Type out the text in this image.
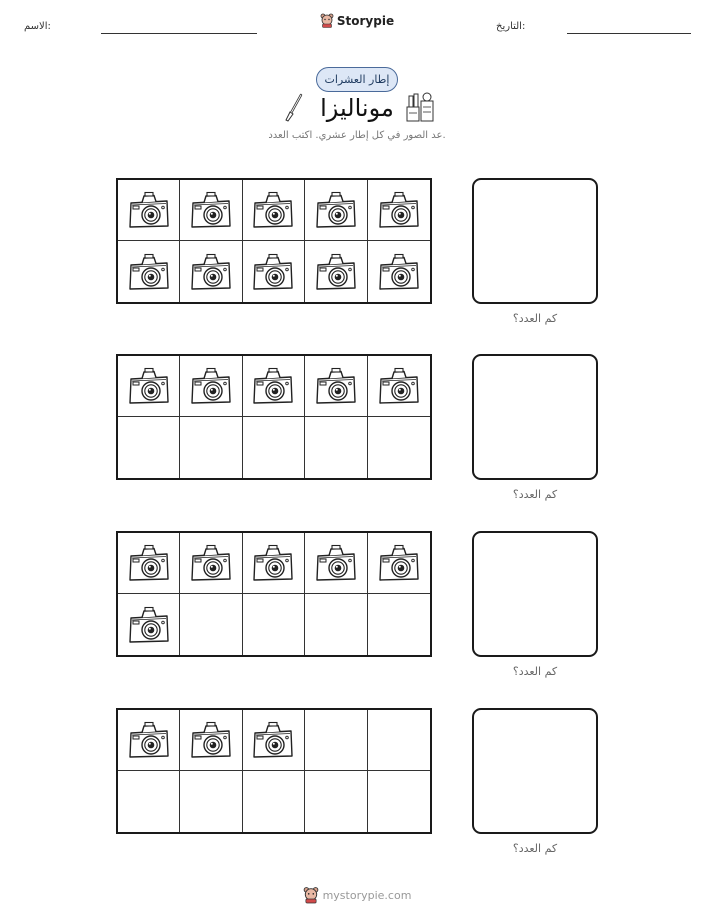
الاسم:	Storypie	التاريخ:
إطار العشرات
موناليزا
عد الصور في كل إطار عشري. اكتب العدد.
كم العدد؟
كم العدد؟
كم العدد؟
كم العدد؟
mystorypie.com
